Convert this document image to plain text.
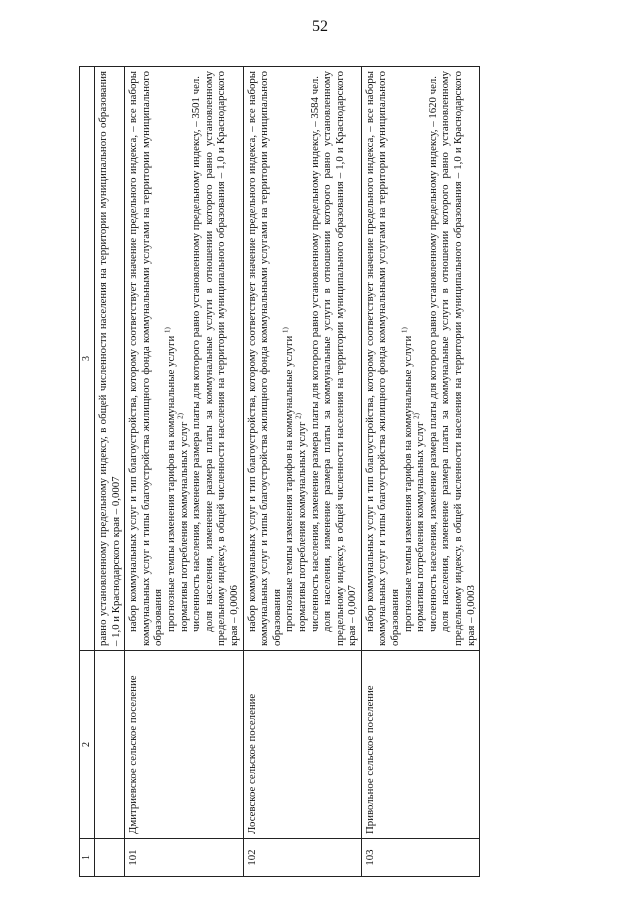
52
1	2	3

		равно установленному предельному индексу, в общей численности населения на территории муниципального образования – 1,0 и Краснодарского края – 0,0007

101	Дмитриевское сельское поселение	набор коммунальных услуг и тип благоустройства, которому соответствует значение предельного индекса, – все наборы коммунальных услуг и типы благоустройства жилищного фонда коммунальными услугами на территории муниципального образования прогнозные темпы изменения тарифов на коммунальные услуги $^{1)}$

нормативы потребления коммунальных услуг $^{2)}$ численность населения, изменение размера платы для которого равно установленному предельному индексу, – 3501 чел. доля населения, изменение размера платы за коммунальные услуги в отношении которого равно установленному предельному индексу, в общей численности населения на территории муниципального образования – 1,0 и Краснодарского края – 0,0006

102	Лосевское сельское поселение	набор коммунальных услуг и тип благоустройства, которому соответствует значение предельного индекса, – все наборы коммунальных услуг и типы благоустройства жилищного фонда коммунальными услугами на территории муниципального образования прогнозные темпы изменения тарифов на коммунальные услуги $^{1)}$

нормативы потребления коммунальных услуг $^{2)}$ численность населения, изменение размера платы для которого равно установленному предельному индексу, – 3584 чел. доля населения, изменение размера платы за коммунальные услуги в отношении которого равно установленному предельному индексу, в общей численности населения на территории муниципального образования – 1,0 и Краснодарского края – 0,0007

103	Привольное сельское поселение	набор коммунальных услуг и тип благоустройства, которому соответствует значение предельного индекса, – все наборы коммунальных услуг и типы благоустройства жилищного фонда коммунальными услугами на территории муниципального образования прогнозные темпы изменения тарифов на коммунальные услуги $^{1)}$

нормативы потребления коммунальных услуг $^{2)}$ численность населения, изменение размера платы для которого равно установленному предельному индексу, – 1620 чел. доля населения, изменение размера платы за коммунальные услуги в отношении которого равно установленному предельному индексу, в общей численности населения на территории муниципального образования – 1,0 и Краснодарского края – 0,0003
